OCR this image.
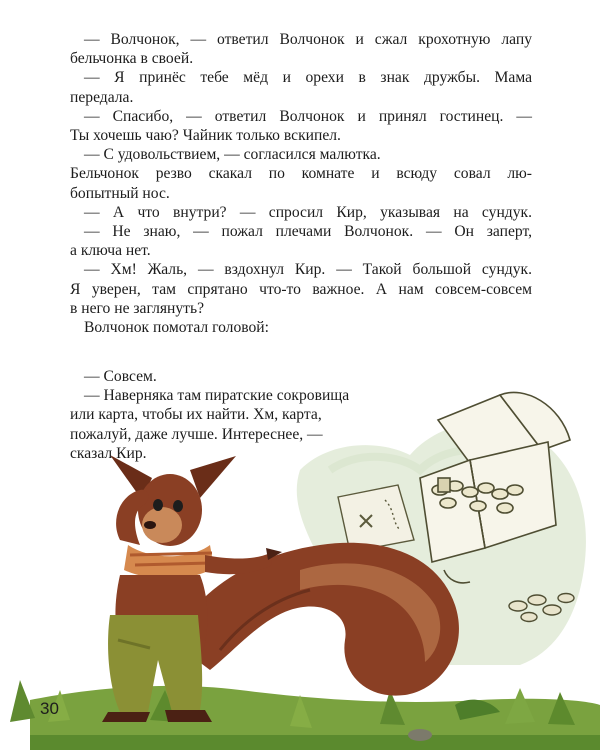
— Волчонок, — ответил Волчонок и сжал крохотную лапу

бельчонка в своей.

— Я принёс тебе мёд и орехи в знак дружбы. Мама

передала.

— Спасибо, — ответил Волчонок и принял гостинец. —

Ты хочешь чаю? Чайник только вскипел.

— С удовольствием, — согласился малютка.

Бельчонок резво скакал по комнате и всюду совал лю-

бопытный нос.

— А что внутри? — спросил Кир, указывая на сундук.

— Не знаю, — пожал плечами Волчонок. — Он заперт,

а ключа нет.

— Хм! Жаль, — вздохнул Кир. — Такой большой сундук.

Я уверен, там спрятано что-то важное. А нам совсем-совсем

в него не заглянуть?

Волчонок помотал головой:

— Совсем.

— Наверняка там пиратские сокровища

или карта, чтобы их найти. Хм, карта,

пожалуй, даже лучше. Интереснее, —

сказал Кир.

30
